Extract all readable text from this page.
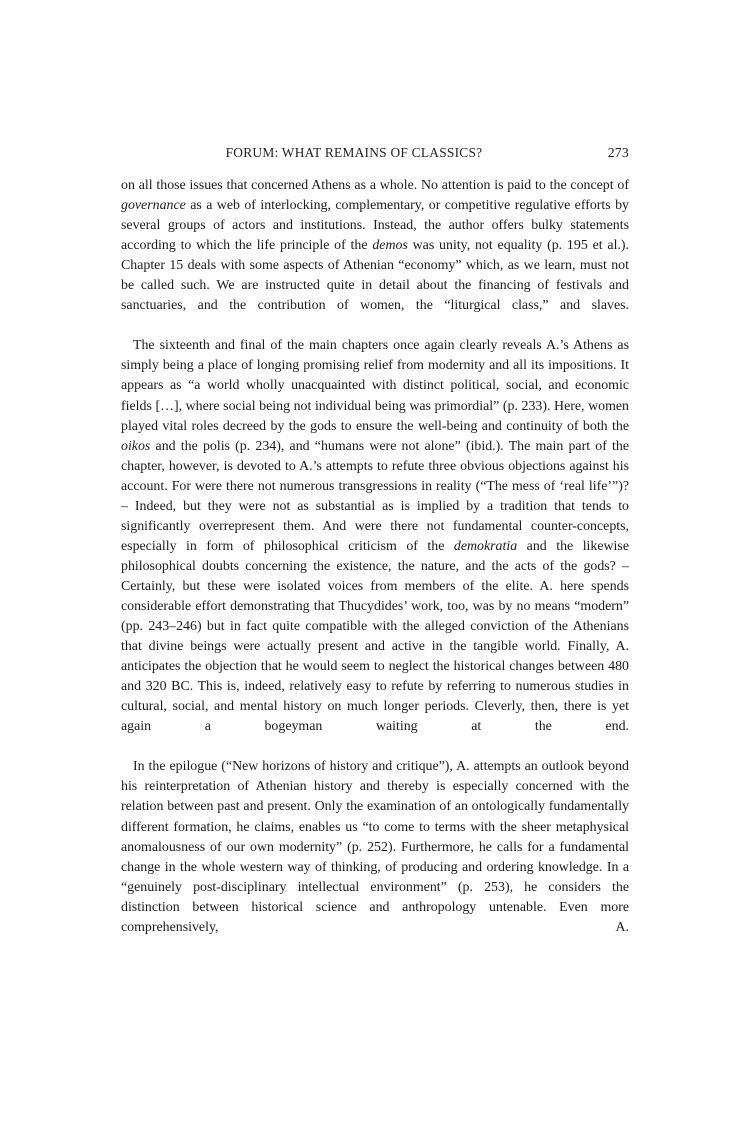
FORUM: WHAT REMAINS OF CLASSICS?	273

on all those issues that concerned Athens as a whole. No attention is paid to the concept of governance as a web of interlocking, complementary, or competitive regulative efforts by several groups of actors and institutions. Instead, the author offers bulky statements according to which the life principle of the demos was unity, not equality (p. 195 et al.). Chapter 15 deals with some aspects of Athenian “economy” which, as we learn, must not be called such. We are instructed quite in detail about the financing of festivals and sanctuaries, and the contribution of women, the “liturgical class,” and slaves.

The sixteenth and final of the main chapters once again clearly reveals A.’s Athens as simply being a place of longing promising relief from modernity and all its impositions. It appears as “a world wholly unacquainted with distinct political, social, and economic fields […], where social being not individual being was primordial” (p. 233). Here, women played vital roles decreed by the gods to ensure the well-being and continuity of both the oikos and the polis (p. 234), and “humans were not alone” (ibid.). The main part of the chapter, however, is devoted to A.’s attempts to refute three obvious objections against his account. For were there not numerous transgressions in reality (“The mess of ‘real life’”)? – Indeed, but they were not as substantial as is implied by a tradition that tends to significantly overrepresent them. And were there not fundamental counter-concepts, especially in form of philosophical criticism of the demokratia and the likewise philosophical doubts concerning the existence, the nature, and the acts of the gods? – Certainly, but these were isolated voices from members of the elite. A. here spends considerable effort demonstrating that Thucydides’ work, too, was by no means “modern” (pp. 243–246) but in fact quite compatible with the alleged conviction of the Athenians that divine beings were actually present and active in the tangible world. Finally, A. anticipates the objection that he would seem to neglect the historical changes between 480 and 320 BC. This is, indeed, relatively easy to refute by referring to numerous studies in cultural, social, and mental history on much longer periods. Cleverly, then, there is yet again a bogeyman waiting at the end.

In the epilogue (“New horizons of history and critique”), A. attempts an outlook beyond his reinterpretation of Athenian history and thereby is especially concerned with the relation between past and present. Only the examination of an ontologically fundamentally different formation, he claims, enables us “to come to terms with the sheer metaphysical anomalousness of our own modernity” (p. 252). Furthermore, he calls for a fundamental change in the whole western way of thinking, of producing and ordering knowledge. In a “genuinely post-disciplinary intellectual environment” (p. 253), he considers the distinction between historical science and anthropology untenable. Even more comprehensively, A.
